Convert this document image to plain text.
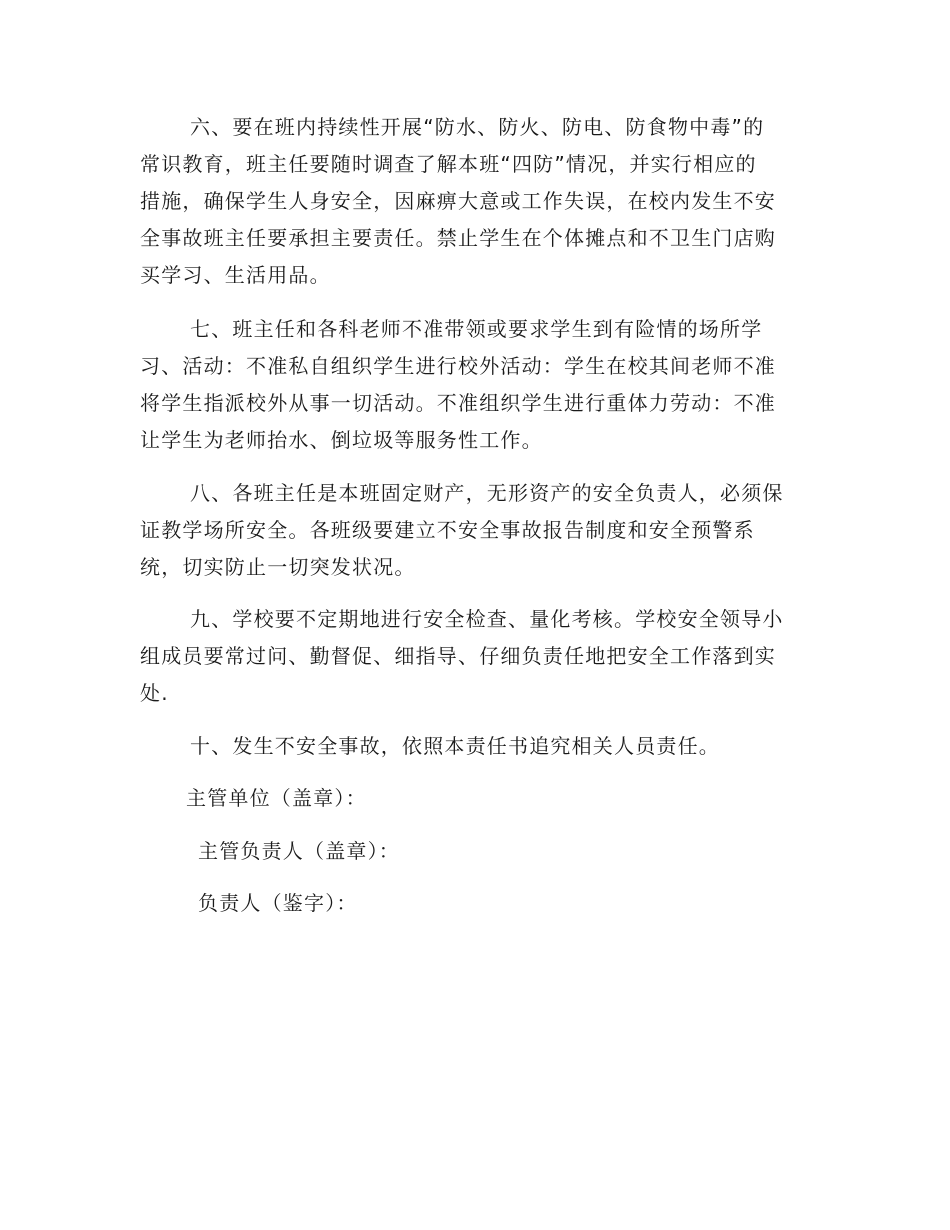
六、要在班内持续性开展“防水、防火、防电、防食物中毒”的
常识教育，班主任要随时调查了解本班“四防”情况，并实行相应的
措施，确保学生人身安全，因麻痹大意或工作失误，在校内发生不安
全事故班主任要承担主要责任。禁止学生在个体摊点和不卫生门店购
买学习、生活用品。
七、班主任和各科老师不准带领或要求学生到有险情的场所学
习、活动：不准私自组织学生进行校外活动：学生在校其间老师不准
将学生指派校外从事一切活动。不准组织学生进行重体力劳动：不准
让学生为老师抬水、倒垃圾等服务性工作。
八、各班主任是本班固定财产，无形资产的安全负责人，必须保
证教学场所安全。各班级要建立不安全事故报告制度和安全预警系
统，切实防止一切突发状况。
九、学校要不定期地进行安全检查、量化考核。学校安全领导小
组成员要常过问、勤督促、细指导、仔细负责任地把安全工作落到实
处.
十、发生不安全事故，依照本责任书追究相关人员责任。
主管单位（盖章）：
主管负责人（盖章）：
负责人（鉴字）：
